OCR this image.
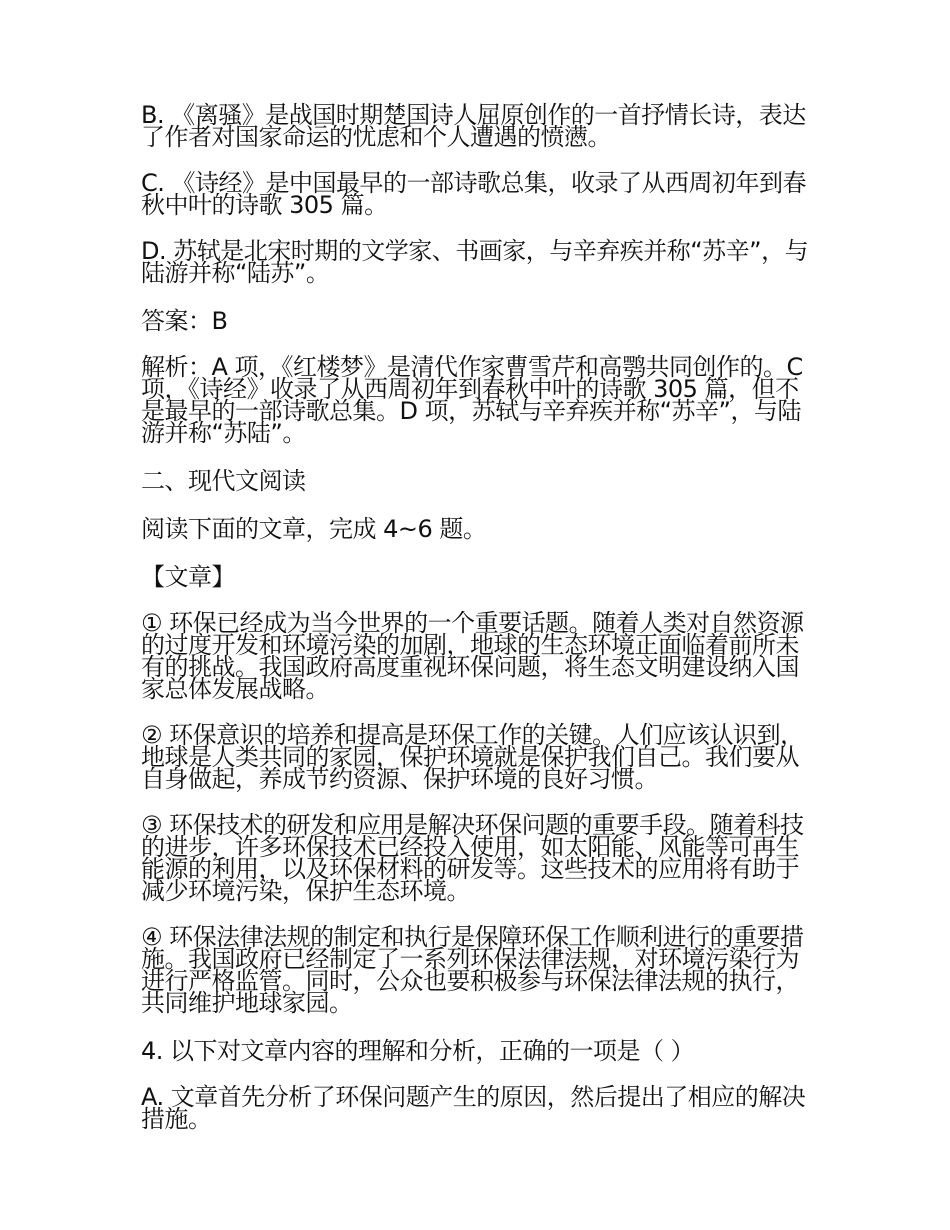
B. 《离骚》是战国时期楚国诗人屈原创作的一首抒情长诗，表达了作者对国家命运的忧虑和个人遭遇的愤懑。

C. 《诗经》是中国最早的一部诗歌总集，收录了从西周初年到春秋中叶的诗歌 305 篇。

D. 苏轼是北宋时期的文学家、书画家，与辛弃疾并称“苏辛”，与陆游并称“陆苏”。

答案：B

解析：A 项，《红楼梦》是清代作家曹雪芹和高鹗共同创作的。C 项，《诗经》收录了从西周初年到春秋中叶的诗歌 305 篇，但不是最早的一部诗歌总集。D 项，苏轼与辛弃疾并称“苏辛”，与陆游并称“苏陆”。

二、现代文阅读

阅读下面的文章，完成 4~6 题。

【文章】

① 环保已经成为当今世界的一个重要话题。随着人类对自然资源的过度开发和环境污染的加剧，地球的生态环境正面临着前所未有的挑战。我国政府高度重视环保问题，将生态文明建设纳入国家总体发展战略。

② 环保意识的培养和提高是环保工作的关键。人们应该认识到，地球是人类共同的家园，保护环境就是保护我们自己。我们要从自身做起，养成节约资源、保护环境的良好习惯。

③ 环保技术的研发和应用是解决环保问题的重要手段。随着科技的进步，许多环保技术已经投入使用，如太阳能、风能等可再生能源的利用，以及环保材料的研发等。这些技术的应用将有助于减少环境污染，保护生态环境。

④ 环保法律法规的制定和执行是保障环保工作顺利进行的重要措施。我国政府已经制定了一系列环保法律法规，对环境污染行为进行严格监管。同时，公众也要积极参与环保法律法规的执行，共同维护地球家园。

4. 以下对文章内容的理解和分析，正确的一项是（ ）

A. 文章首先分析了环保问题产生的原因，然后提出了相应的解决措施。
